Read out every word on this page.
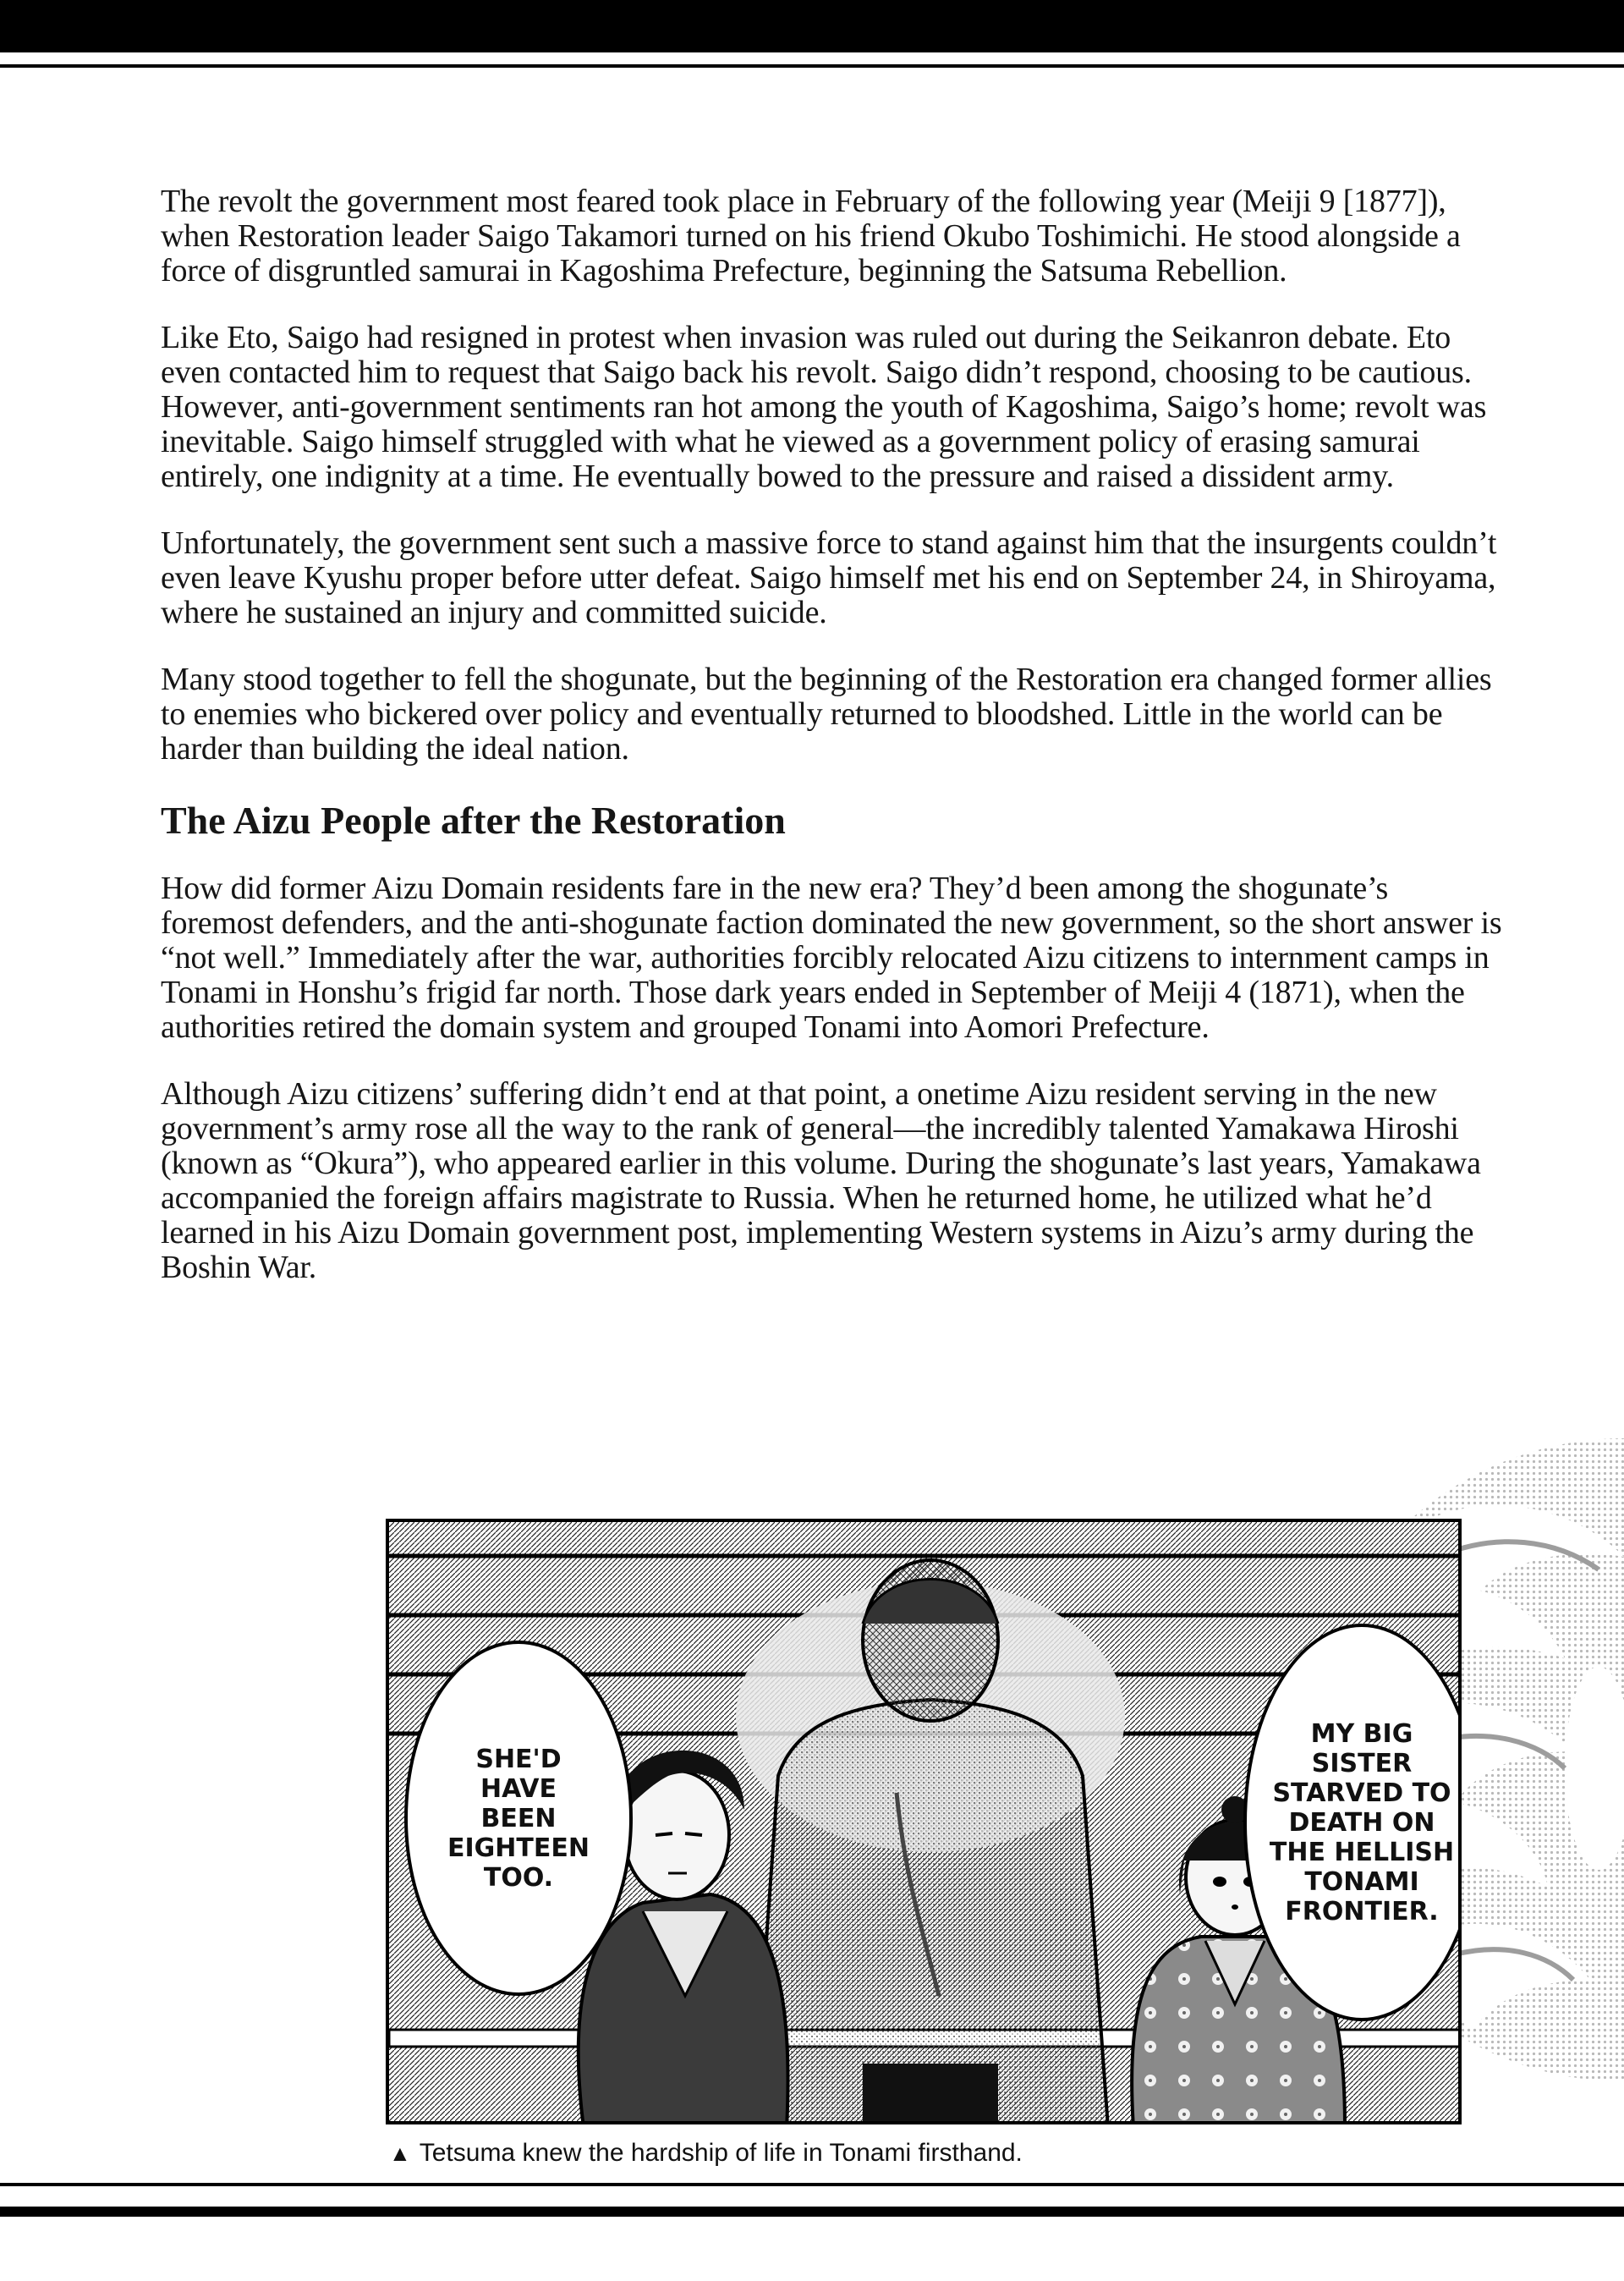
The revolt the government most feared took place in February of the following year (Meiji 9 [1877]), when Restoration leader Saigo Takamori turned on his friend Okubo Toshimichi. He stood alongside a force of disgruntled samurai in Kagoshima Prefecture, beginning the Satsuma Rebellion.

Like Eto, Saigo had resigned in protest when invasion was ruled out during the Seikanron debate. Eto even contacted him to request that Saigo back his revolt. Saigo didn’t respond, choosing to be cautious. However, anti-government sentiments ran hot among the youth of Kagoshima, Saigo’s home; revolt was inevitable. Saigo himself struggled with what he viewed as a government policy of erasing samurai entirely, one indignity at a time. He eventually bowed to the pressure and raised a dissident army.

Unfortunately, the government sent such a massive force to stand against him that the insurgents couldn’t even leave Kyushu proper before utter defeat. Saigo himself met his end on September 24, in Shiroyama, where he sustained an injury and committed suicide.

Many stood together to fell the shogunate, but the beginning of the Restoration era changed former allies to enemies who bickered over policy and eventually returned to bloodshed. Little in the world can be harder than building the ideal nation.

The Aizu People after the Restoration

How did former Aizu Domain residents fare in the new era? They’d been among the shogunate’s foremost defenders, and the anti-shogunate faction dominated the new government, so the short answer is “not well.” Immediately after the war, authorities forcibly relocated Aizu citizens to internment camps in Tonami in Honshu’s frigid far north. Those dark years ended in September of Meiji 4 (1871), when the authorities retired the domain system and grouped Tonami into Aomori Prefecture.

Although Aizu citizens’ suffering didn’t end at that point, a onetime Aizu resident serving in the new government’s army rose all the way to the rank of general—the incredibly talented Yamakawa Hiroshi (known as “Okura”), who appeared earlier in this volume. During the shogunate’s last years, Yamakawa accompanied the foreign affairs magistrate to Russia. When he returned home, he utilized what he’d learned in his Aizu Domain government post, implementing Western systems in Aizu’s army during the Boshin War.

SHE'D
HAVE
BEEN
EIGHTEEN
TOO.
MY BIG
SISTER
STARVED TO
DEATH ON
THE HELLISH
TONAMI
FRONTIER.
▲ Tetsuma knew the hardship of life in Tonami firsthand.
